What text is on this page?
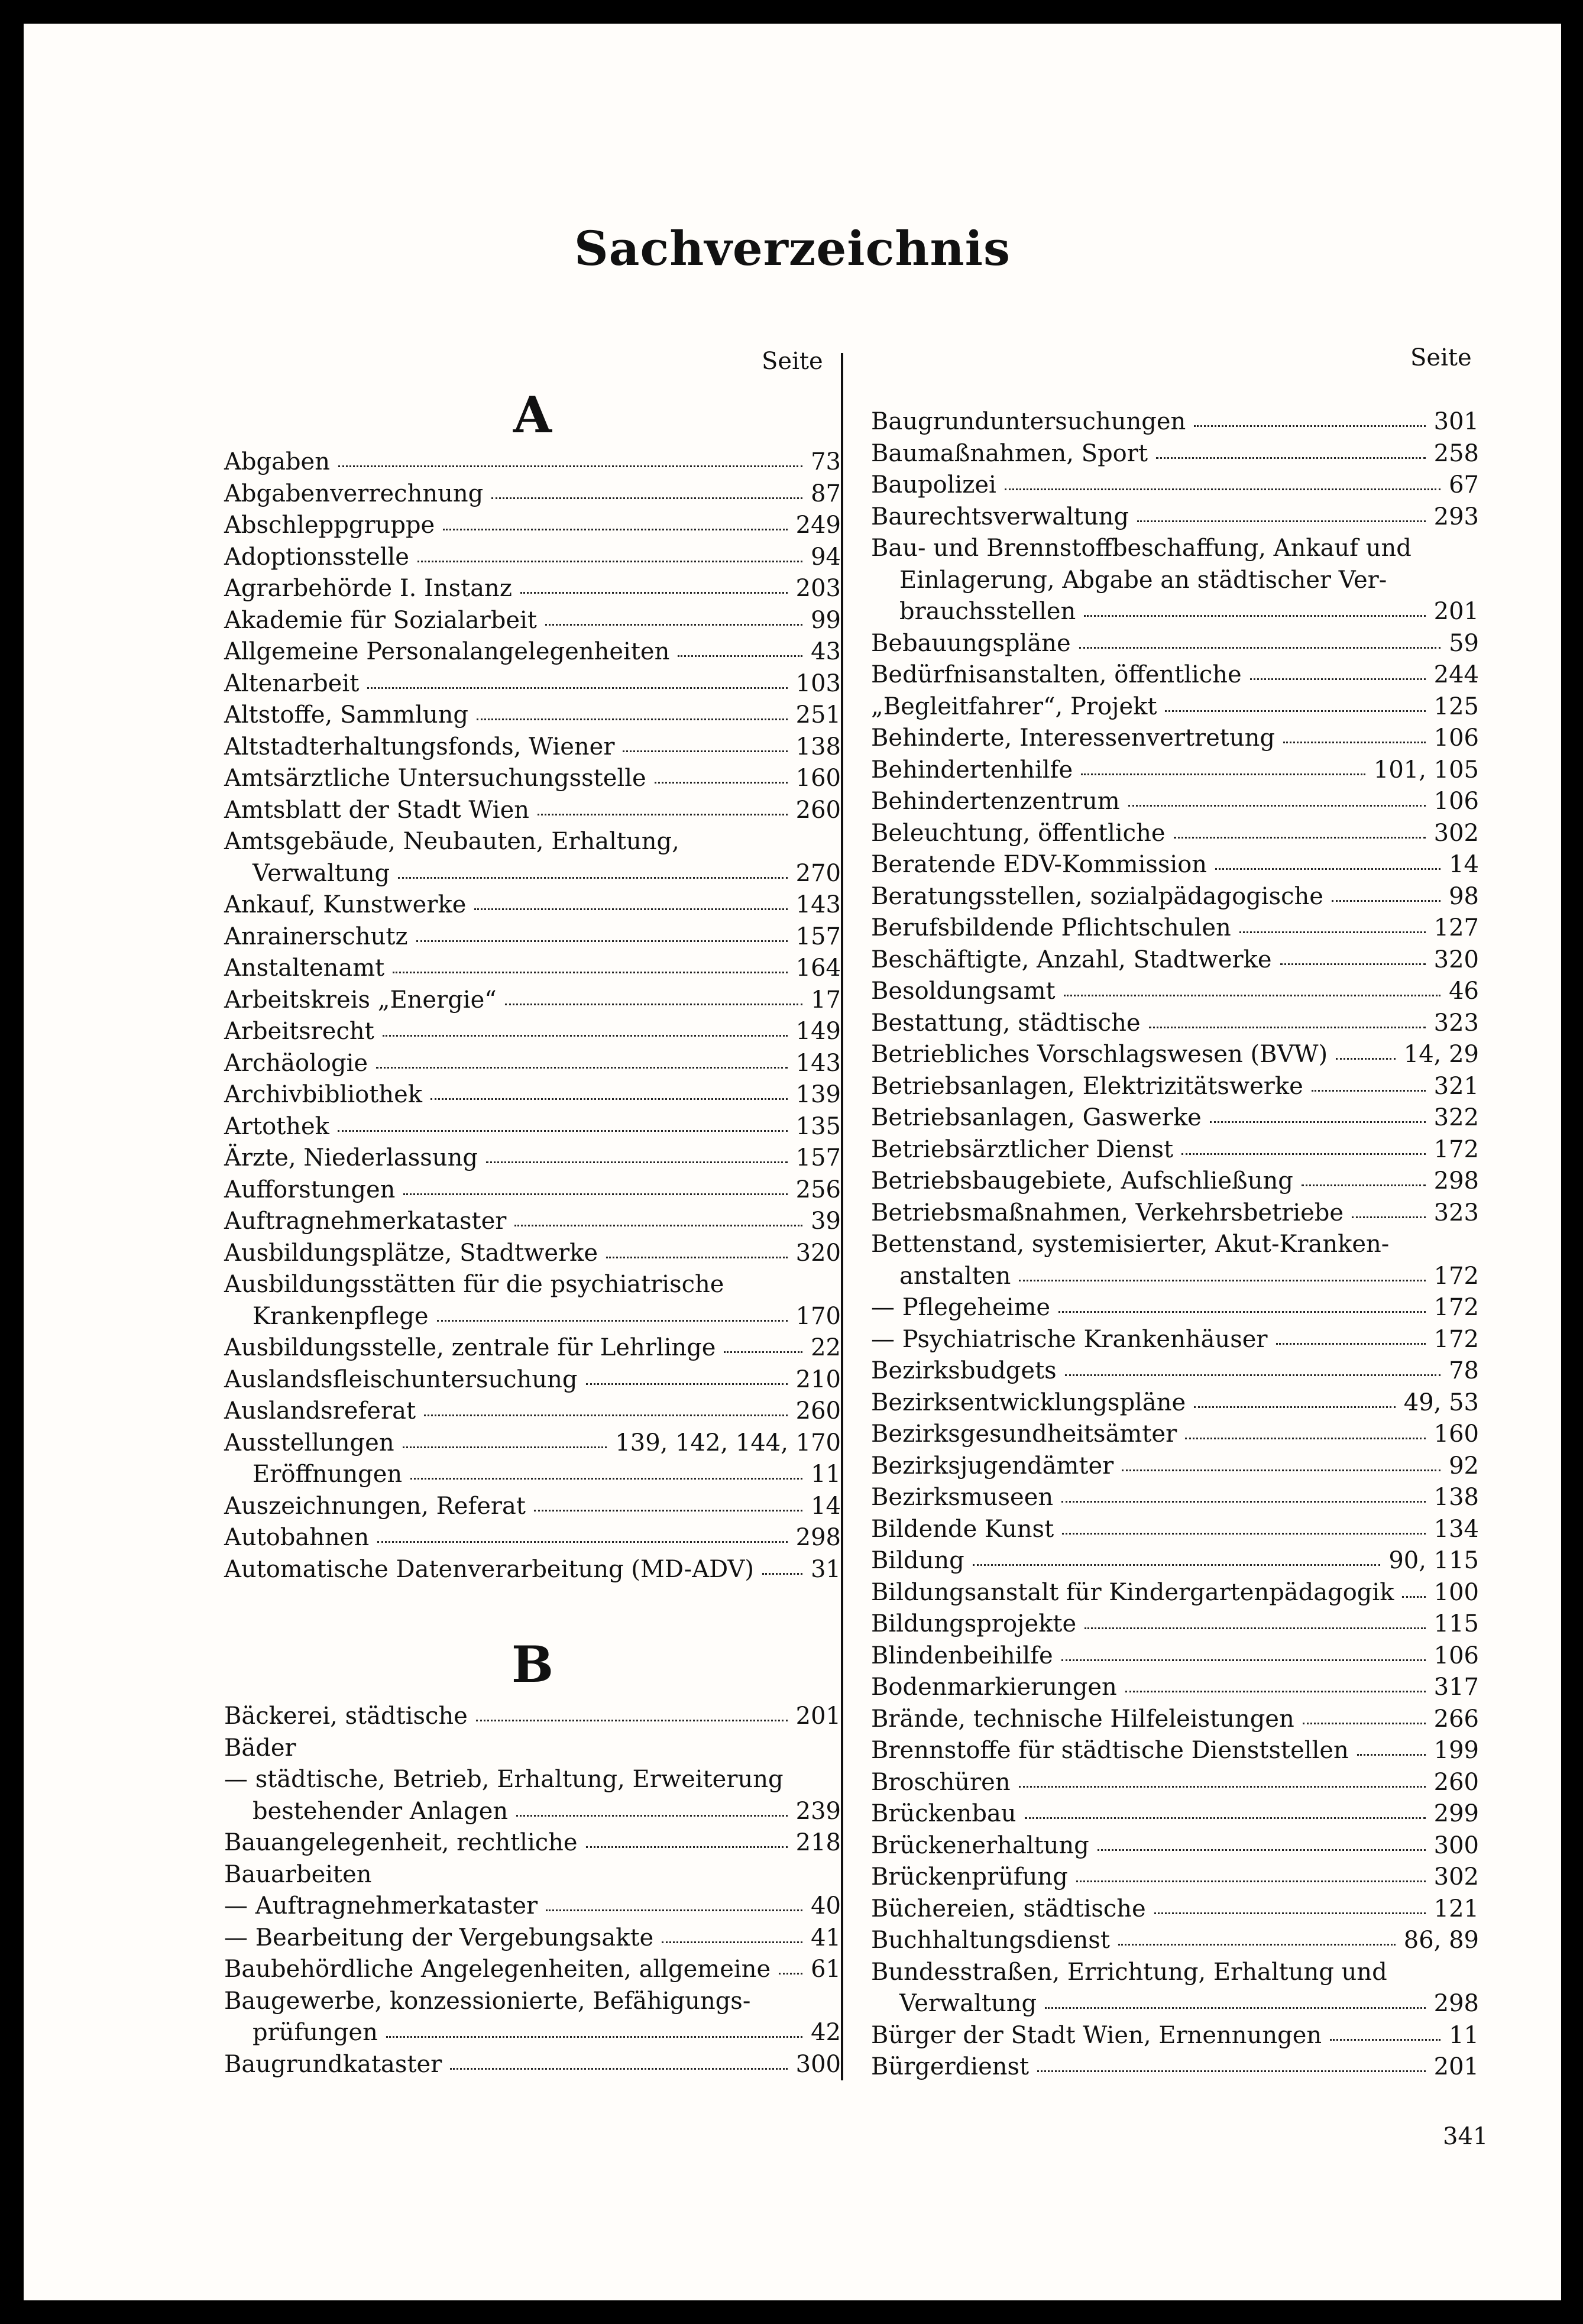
Sachverzeichnis
Seite	Seite
A
Abgaben	73
Abgabenverrechnung	87
Abschleppgruppe	249
Adoptionsstelle	94
Agrarbehörde I. Instanz	203
Akademie für Sozialarbeit	99
Allgemeine Personalangelegenheiten	43
Altenarbeit	103
Altstoffe, Sammlung	251
Altstadterhaltungsfonds, Wiener	138
Amtsärztliche Untersuchungsstelle	160
Amtsblatt der Stadt Wien	260
Amtsgebäude, Neubauten, Erhaltung,
Verwaltung	270
Ankauf, Kunstwerke	143
Anrainerschutz	157
Anstaltenamt	164
Arbeitskreis „Energie“	17
Arbeitsrecht	149
Archäologie	143
Archivbibliothek	139
Artothek	135
Ärzte, Niederlassung	157
Aufforstungen	256
Auftragnehmerkataster	39
Ausbildungsplätze, Stadtwerke	320
Ausbildungsstätten für die psychiatrische
Krankenpflege	170
Ausbildungsstelle, zentrale für Lehrlinge	22
Auslandsfleischuntersuchung	210
Auslandsreferat	260
Ausstellungen	139, 142, 144, 170
Eröffnungen	11
Auszeichnungen, Referat	14
Autobahnen	298
Automatische Datenverarbeitung (MD-ADV) 31
B
Bäckerei, städtische	201
Bäder
— städtische, Betrieb, Erhaltung, Erweiterung
bestehender Anlagen	239
Bauangelegenheit, rechtliche	218
Bauarbeiten
— Auftragnehmerkataster	40
— Bearbeitung der Vergebungsakte	41
Baubehördliche Angelegenheiten, allgemeine 61
Baugewerbe, konzessionierte, Befähigungs-
prüfungen	42
Baugrundkataster	300
Baugrunduntersuchungen	301
Baumaßnahmen, Sport	258
Baupolizei	67
Baurechtsverwaltung	293
Bau- und Brennstoffbeschaffung, Ankauf und
Einlagerung, Abgabe an städtischer Ver-
brauchsstellen	201
Bebauungspläne	59
Bedürfnisanstalten, öffentliche	244
„Begleitfahrer“, Projekt	125
Behinderte, Interessenvertretung	106
Behindertenhilfe	101, 105
Behindertenzentrum	106
Beleuchtung, öffentliche	302
Beratende EDV-Kommission	14
Beratungsstellen, sozialpädagogische	98
Berufsbildende Pflichtschulen	127
Beschäftigte, Anzahl, Stadtwerke	320
Besoldungsamt	46
Bestattung, städtische	323
Betriebliches Vorschlagswesen (BVW)	14, 29
Betriebsanlagen, Elektrizitätswerke	321
Betriebsanlagen, Gaswerke	322
Betriebsärztlicher Dienst	172
Betriebsbaugebiete, Aufschließung	298
Betriebsmaßnahmen, Verkehrsbetriebe	323
Bettenstand, systemisierter, Akut-Kranken-
anstalten	172
— Pflegeheime	172
— Psychiatrische Krankenhäuser	172
Bezirksbudgets	78
Bezirksentwicklungspläne	49, 53
Bezirksgesundheitsämter	160
Bezirksjugendämter	92
Bezirksmuseen	138
Bildende Kunst	134
Bildung	90, 115
Bildungsanstalt für Kindergartenpädagogik 100
Bildungsprojekte	115
Blindenbeihilfe	106
Bodenmarkierungen	317
Brände, technische Hilfeleistungen	266
Brennstoffe für städtische Dienststellen	199
Broschüren	260
Brückenbau	299
Brückenerhaltung	300
Brückenprüfung	302
Büchereien, städtische	121
Buchhaltungsdienst	86, 89
Bundesstraßen, Errichtung, Erhaltung und
Verwaltung	298
Bürger der Stadt Wien, Ernennungen	11
Bürgerdienst	201
341
